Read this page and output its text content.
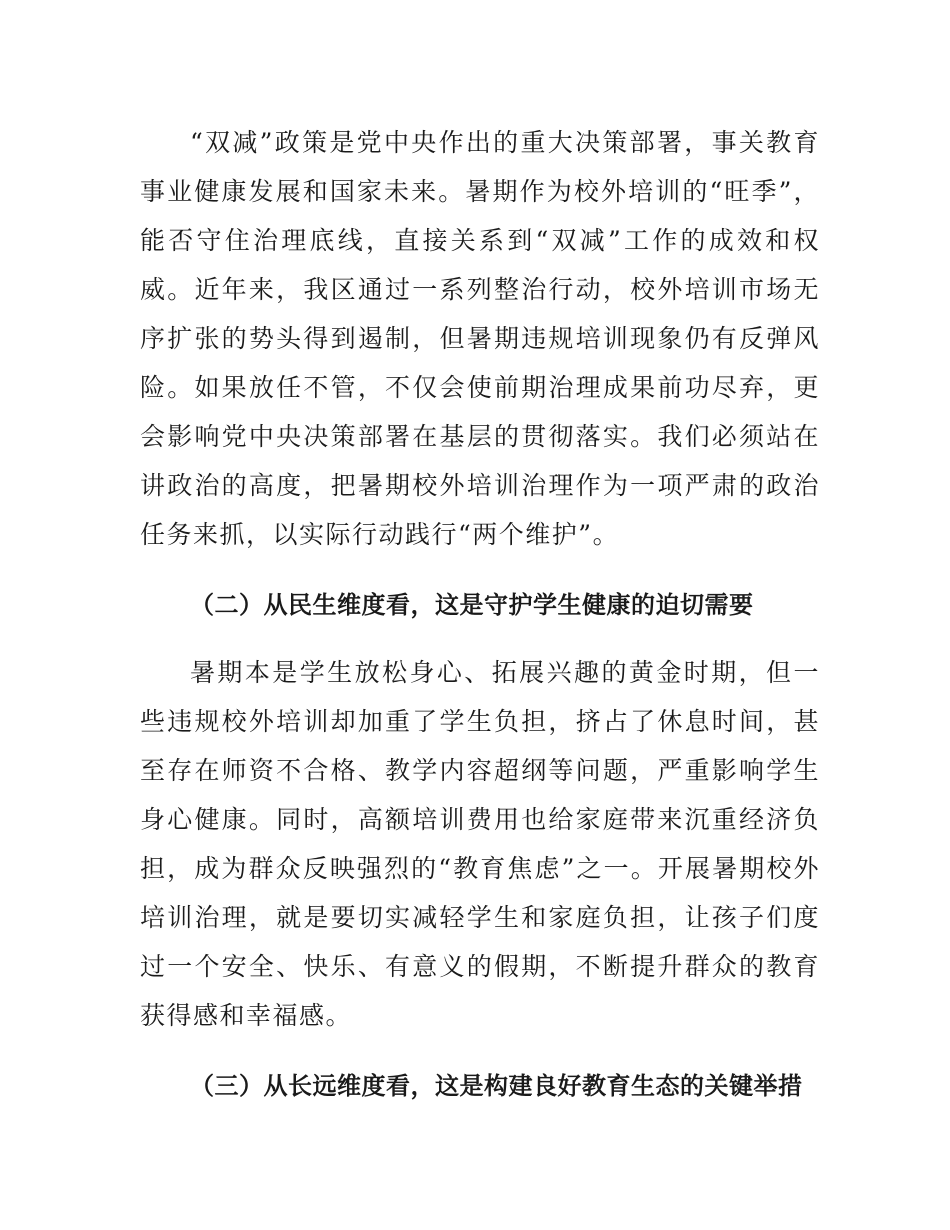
“双减”政策是党中央作出的重大决策部署，事关教育事业健康发展和国家未来。暑期作为校外培训的“旺季”，能否守住治理底线，直接关系到“双减”工作的成效和权威。近年来，我区通过一系列整治行动，校外培训市场无序扩张的势头得到遏制，但暑期违规培训现象仍有反弹风险。如果放任不管，不仅会使前期治理成果前功尽弃，更会影响党中央决策部署在基层的贯彻落实。我们必须站在讲政治的高度，把暑期校外培训治理作为一项严肃的政治任务来抓，以实际行动践行“两个维护”。

（二）从民生维度看，这是守护学生健康的迫切需要

暑期本是学生放松身心、拓展兴趣的黄金时期，但一些违规校外培训却加重了学生负担，挤占了休息时间，甚至存在师资不合格、教学内容超纲等问题，严重影响学生身心健康。同时，高额培训费用也给家庭带来沉重经济负担，成为群众反映强烈的“教育焦虑”之一。开展暑期校外培训治理，就是要切实减轻学生和家庭负担，让孩子们度过一个安全、快乐、有意义的假期，不断提升群众的教育获得感和幸福感。

（三）从长远维度看，这是构建良好教育生态的关键举措
